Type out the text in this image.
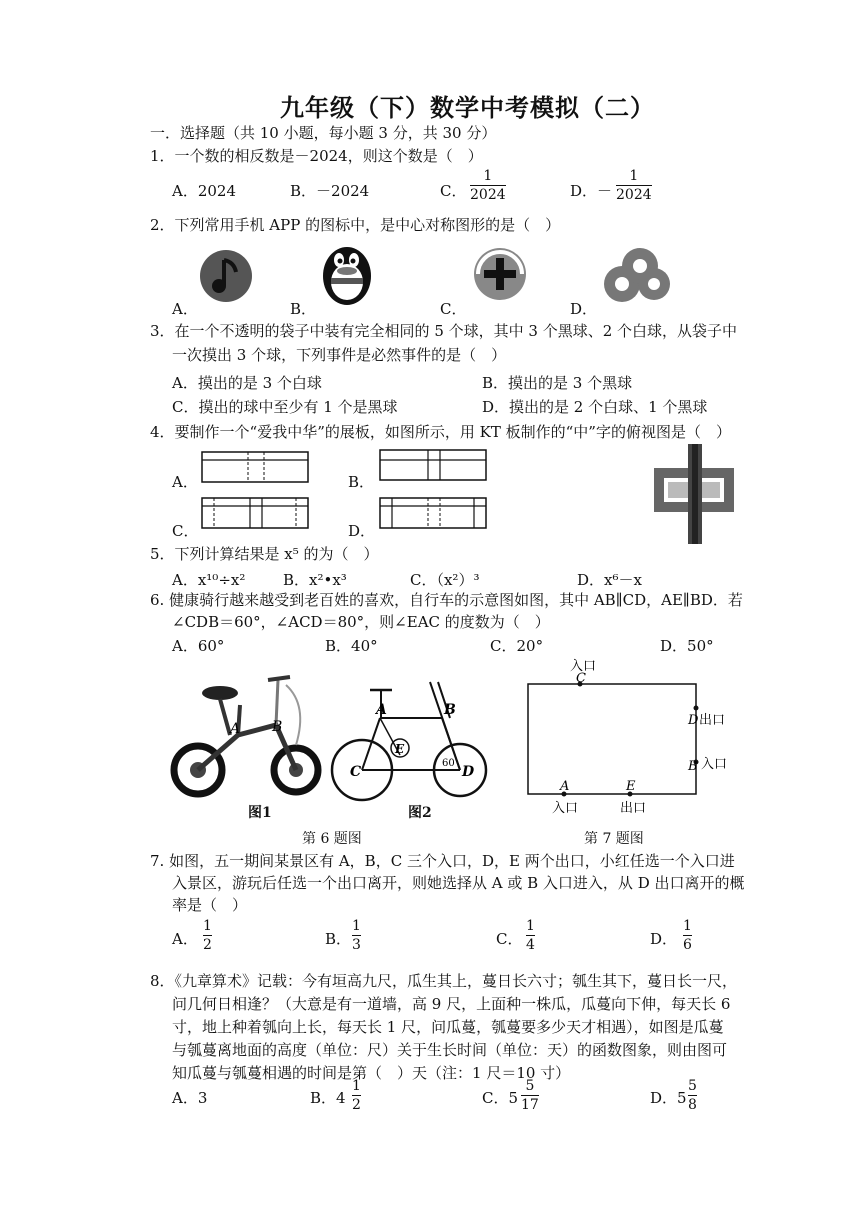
九年级（下）数学中考模拟（二）
一．选择题（共 10 小题，每小题 3 分，共 30 分）
1．一个数的相反数是－2024，则这个数是（　）
A．2024	B．－2024	C．
1
2024	D．－
1
2024
2．下列常用手机 APP 的图标中，是中心对称图形的是（　）
A．	B．	C．	D．
3．在一个不透明的袋子中装有完全相同的 5 个球，其中 3 个黑球、2 个白球，从袋子中
一次摸出 3 个球，下列事件是必然事件的是（　）
A．摸出的是 3 个白球	B．摸出的是 3 个黑球
C．摸出的球中至少有 1 个是黑球	D．摸出的是 2 个白球、1 个黑球
4．要制作一个“爱我中华”的展板，如图所示，用 KT 板制作的“中”字的俯视图是（　）
A．	B．
C．	D．
5．下列计算结果是 x⁵ 的为（　）
A．x¹⁰÷x²	B．x²•x³	C．（x²）³	D．x⁶－x
6. 健康骑行越来越受到老百姓的喜欢，自行车的示意图如图，其中 AB∥CD，AE∥BD．若
∠CDB＝60°，∠ACD＝80°，则∠EAC 的度数为（　）
A．60°	B．40°	C．20°	D．50°
A B
图1
A	B
C	D
E
60
图2
第 6 题图
入口
C
D 出口
B 入口
A
入口
E
出口
第 7 题图
7. 如图，五一期间某景区有 A，B，C 三个入口，D，E 两个出口，小红任选一个入口进
入景区，游玩后任选一个出口离开，则她选择从 A 或 B 入口进入，从 D 出口离开的概
率是（　）
A．
1
2	B．
1
3	C．
1
4	D．
1
6
8．《九章算术》记载：今有垣高九尺，瓜生其上，蔓日长六寸；瓠生其下，蔓日长一尺，
问几何日相逢？（大意是有一道墙，高 9 尺，上面种一株瓜，瓜蔓向下伸，每天长 6
寸，地上种着瓠向上长，每天长 1 尺，问瓜蔓，瓠蔓要多少天才相遇），如图是瓜蔓
与瓠蔓离地面的高度（单位：尺）关于生长时间（单位：天）的函数图象，则由图可
知瓜蔓与瓠蔓相遇的时间是第（　）天（注：1 尺＝10 寸）
A．3	B．4
1
2	C．5
5
17	D．5
5
8
